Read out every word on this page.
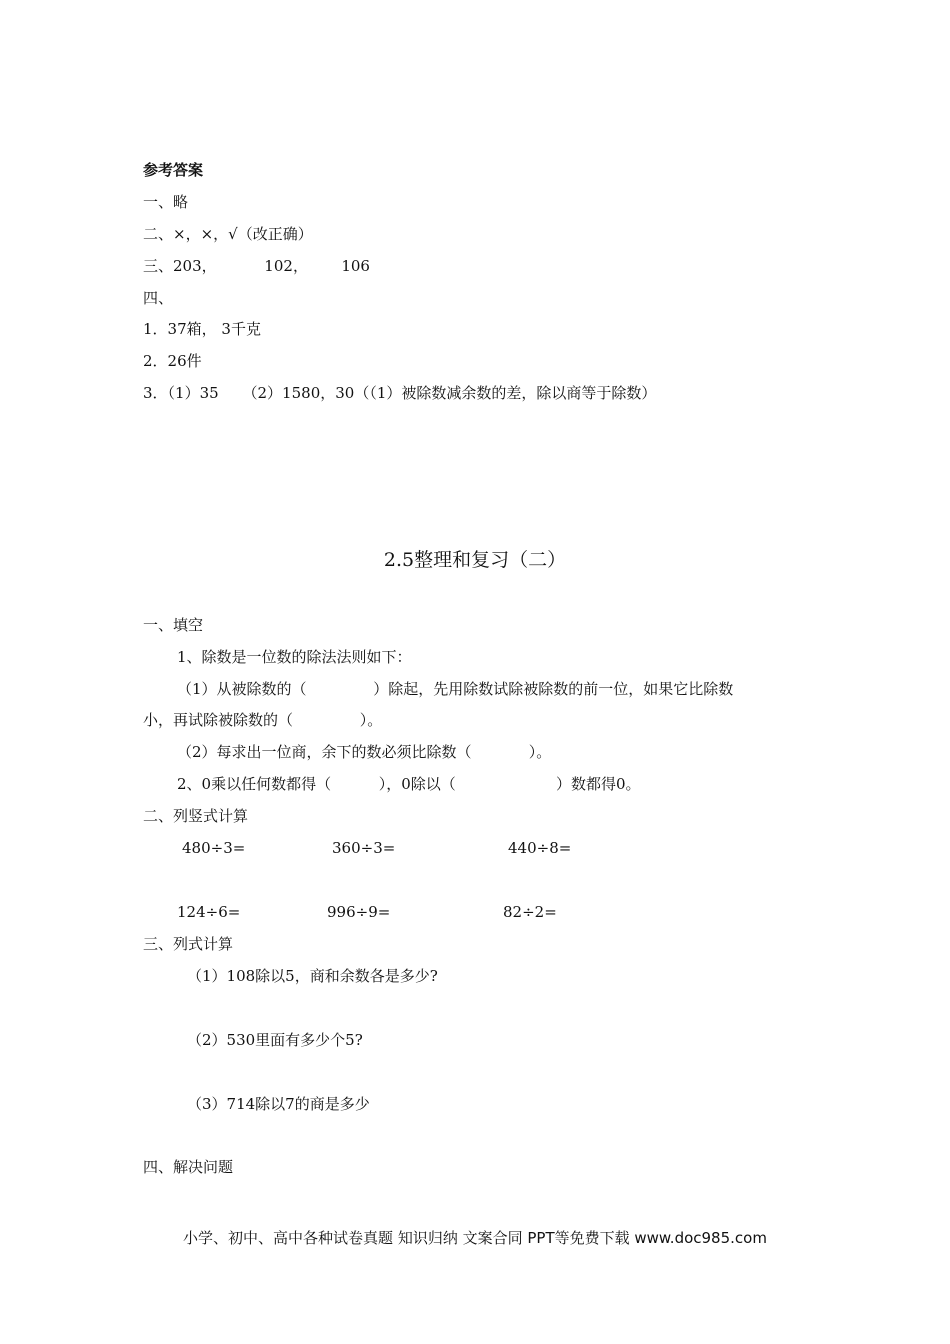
参考答案
一、略
二、×，×，√（改正确）
三、203，          102，       106
四、
1．37箱， 3千克
2．26件
3．（1）35     （2）1580，30（（1）被除数减余数的差，除以商等于除数）
2.5整理和复习（二）
一、填空
1、除数是一位数的除法法则如下：
（1）从被除数的（              ）除起，先用除数试除被除数的前一位，如果它比除数
小，再试除被除数的（              ）。
（2）每求出一位商，余下的数必须比除数（            ）。
2、0乘以任何数都得（          ），0除以（                     ）数都得0。
二、列竖式计算
480÷3=	360÷3=	440÷8=
124÷6=	996÷9=	82÷2=
三、列式计算
（1）108除以5，商和余数各是多少?
（2）530里面有多少个5?
（3）714除以7的商是多少
四、解决问题
小学、初中、高中各种试卷真题 知识归纳 文案合同 PPT等免费下载 www.doc985.com
